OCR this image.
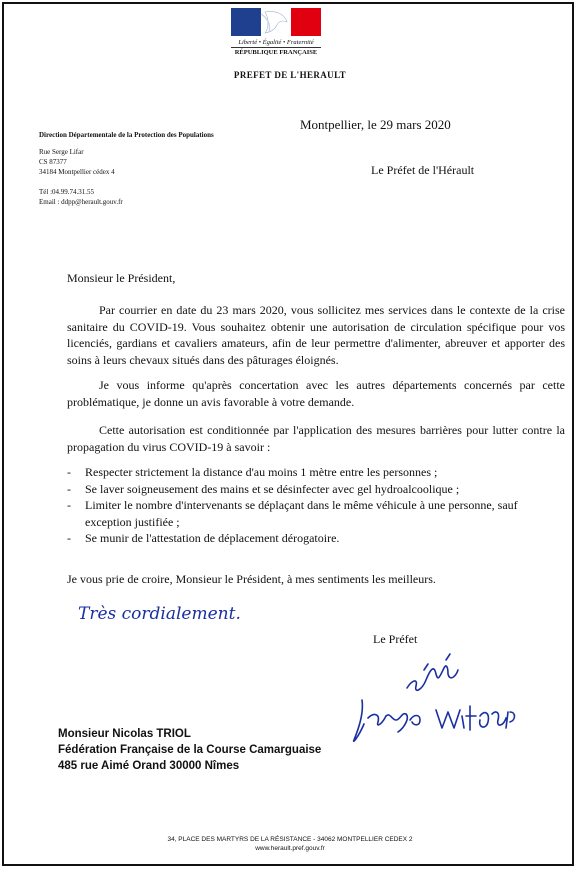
Liberté • Égalité • Fraternité
RÉPUBLIQUE FRANÇAISE
PREFET DE L'HERAULT
Direction Départementale de la Protection des Populations
Rue Serge Lifar
CS 87377
34184 Montpellier cédex 4
Tél :04.99.74.31.55
Email : ddpp@herault.gouv.fr
Montpellier, le 29 mars 2020
Le Préfet de l'Hérault
Monsieur le Président,
Par courrier en date du 23 mars 2020, vous sollicitez mes services dans le contexte de la crise sanitaire du COVID-19. Vous souhaitez obtenir une autorisation de circulation spécifique pour vos licenciés, gardians et cavaliers amateurs, afin de leur permettre d'alimenter, abreuver et apporter des soins à leurs chevaux situés dans des pâturages éloignés.
Je vous informe qu'après concertation avec les autres départements concernés par cette problématique, je donne un avis favorable à votre demande.
Cette autorisation est conditionnée par l'application des mesures barrières pour lutter contre la propagation du virus COVID-19 à savoir :
- Respecter strictement la distance d'au moins 1 mètre entre les personnes ;
- Se laver soigneusement des mains et se désinfecter avec gel hydroalcoolique ;
- Limiter le nombre d'intervenants se déplaçant dans le même véhicule à une personne, sauf exception justifiée ;
- Se munir de l'attestation de déplacement dérogatoire.
Je vous prie de croire, Monsieur le Président, à mes sentiments les meilleurs.
Très cordialement.
Le Préfet
Monsieur Nicolas TRIOL
Fédération Française de la Course Camarguaise
485 rue Aimé Orand 30000 Nîmes
34, PLACE DES MARTYRS DE LA RÉSISTANCE - 34062 MONTPELLIER CEDEX 2
www.herault.pref.gouv.fr
